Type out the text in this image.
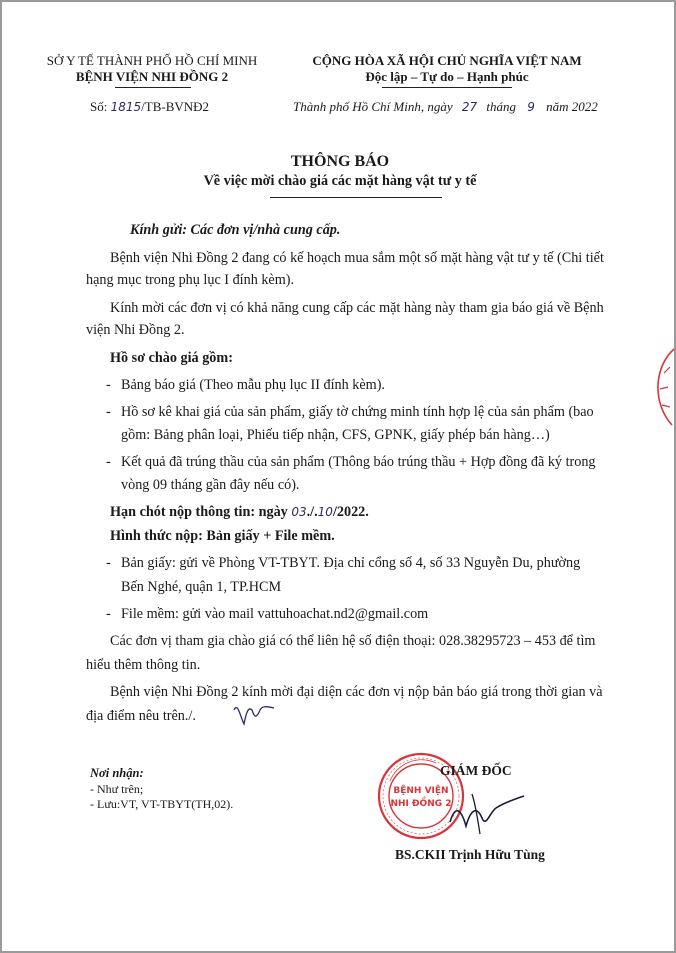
SỞ Y TẾ THÀNH PHỐ HỒ CHÍ MINH
BỆNH VIỆN NHI ĐỒNG 2
Số: 1815/TB-BVNĐ2
CỘNG HÒA XÃ HỘI CHỦ NGHĨA VIỆT NAM
Độc lập – Tự do – Hạnh phúc
Thành phố Hồ Chí Minh, ngày 27 tháng 9 năm 2022
THÔNG BÁO
Về việc mời chào giá các mặt hàng vật tư y tế
Kính gửi: Các đơn vị/nhà cung cấp.
Bệnh viện Nhi Đồng 2 đang có kế hoạch mua sắm một số mặt hàng vật tư y tế (Chi tiết
hạng mục trong phụ lục I đính kèm).
Kính mời các đơn vị có khả năng cung cấp các mặt hàng này tham gia báo giá về Bệnh
viện Nhi Đồng 2.
Hồ sơ chào giá gồm:
- Bảng báo giá (Theo mẫu phụ lục II đính kèm).
- Hồ sơ kê khai giá của sản phẩm, giấy tờ chứng minh tính hợp lệ của sản phẩm (bao
gồm: Bảng phân loại, Phiếu tiếp nhận, CFS, GPNK, giấy phép bán hàng…)
- Kết quả đã trúng thầu của sản phẩm (Thông báo trúng thầu + Hợp đồng đã ký trong
vòng 09 tháng gần đây nếu có).
Hạn chót nộp thông tin: ngày 03./.10/2022.
Hình thức nộp: Bản giấy + File mềm.
- Bản giấy: gửi về Phòng VT-TBYT. Địa chỉ cổng số 4, số 33 Nguyễn Du, phường
Bến Nghé, quận 1, TP.HCM
- File mềm: gửi vào mail vattuhoachat.nd2@gmail.com
Các đơn vị tham gia chào giá có thể liên hệ số điện thoại: 028.38295723 – 453 để tìm
hiểu thêm thông tin.
Bệnh viện Nhi Đồng 2 kính mời đại diện các đơn vị nộp bản báo giá trong thời gian và
địa điểm nêu trên./.
Nơi nhận:
- Như trên;
- Lưu:VT, VT-TBYT(TH,02).
BỆNH VIỆN
NHI ĐỒNG 2
GIÁM ĐỐC
BS.CKII Trịnh Hữu Tùng
